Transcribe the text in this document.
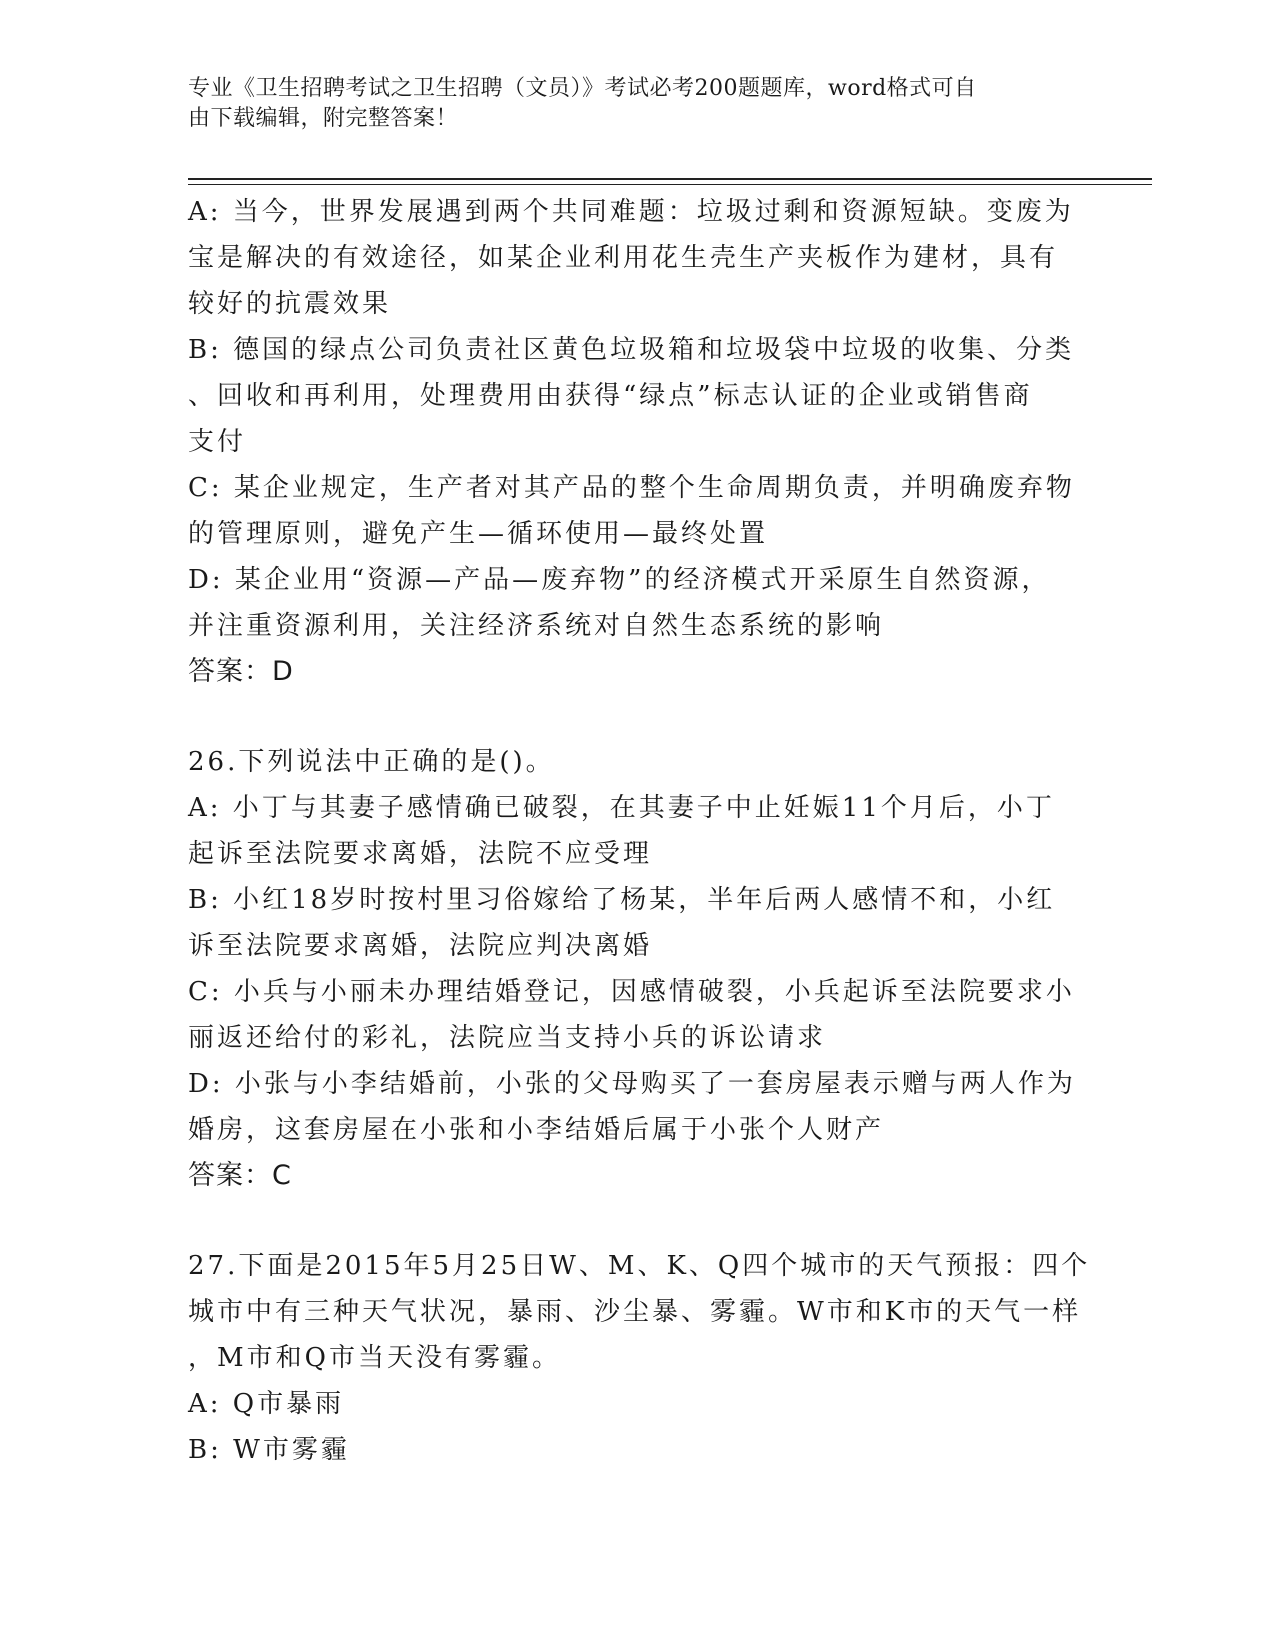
专业《卫生招聘考试之卫生招聘（文员）》考试必考200题题库，word格式可自

由下载编辑，附完整答案！

A: 当今，世界发展遇到两个共同难题：垃圾过剩和资源短缺。变废为

宝是解决的有效途径，如某企业利用花生壳生产夹板作为建材，具有

较好的抗震效果

B: 德国的绿点公司负责社区黄色垃圾箱和垃圾袋中垃圾的收集、分类

、回收和再利用，处理费用由获得“绿点”标志认证的企业或销售商

支付

C: 某企业规定，生产者对其产品的整个生命周期负责，并明确废弃物

的管理原则，避免产生—循环使用—最终处置

D: 某企业用“资源—产品—废弃物”的经济模式开采原生自然资源，

并注重资源利用，关注经济系统对自然生态系统的影响

答案：D

26.下列说法中正确的是()。

A: 小丁与其妻子感情确已破裂，在其妻子中止妊娠11个月后，小丁

起诉至法院要求离婚，法院不应受理

B: 小红18岁时按村里习俗嫁给了杨某，半年后两人感情不和，小红

诉至法院要求离婚，法院应判决离婚

C: 小兵与小丽未办理结婚登记，因感情破裂，小兵起诉至法院要求小

丽返还给付的彩礼，法院应当支持小兵的诉讼请求

D: 小张与小李结婚前，小张的父母购买了一套房屋表示赠与两人作为

婚房，这套房屋在小张和小李结婚后属于小张个人财产

答案：C

27.下面是2015年5月25日W、M、K、Q四个城市的天气预报：四个

城市中有三种天气状况，暴雨、沙尘暴、雾霾。W市和K市的天气一样

，M市和Q市当天没有雾霾。

A: Q市暴雨

B: W市雾霾
